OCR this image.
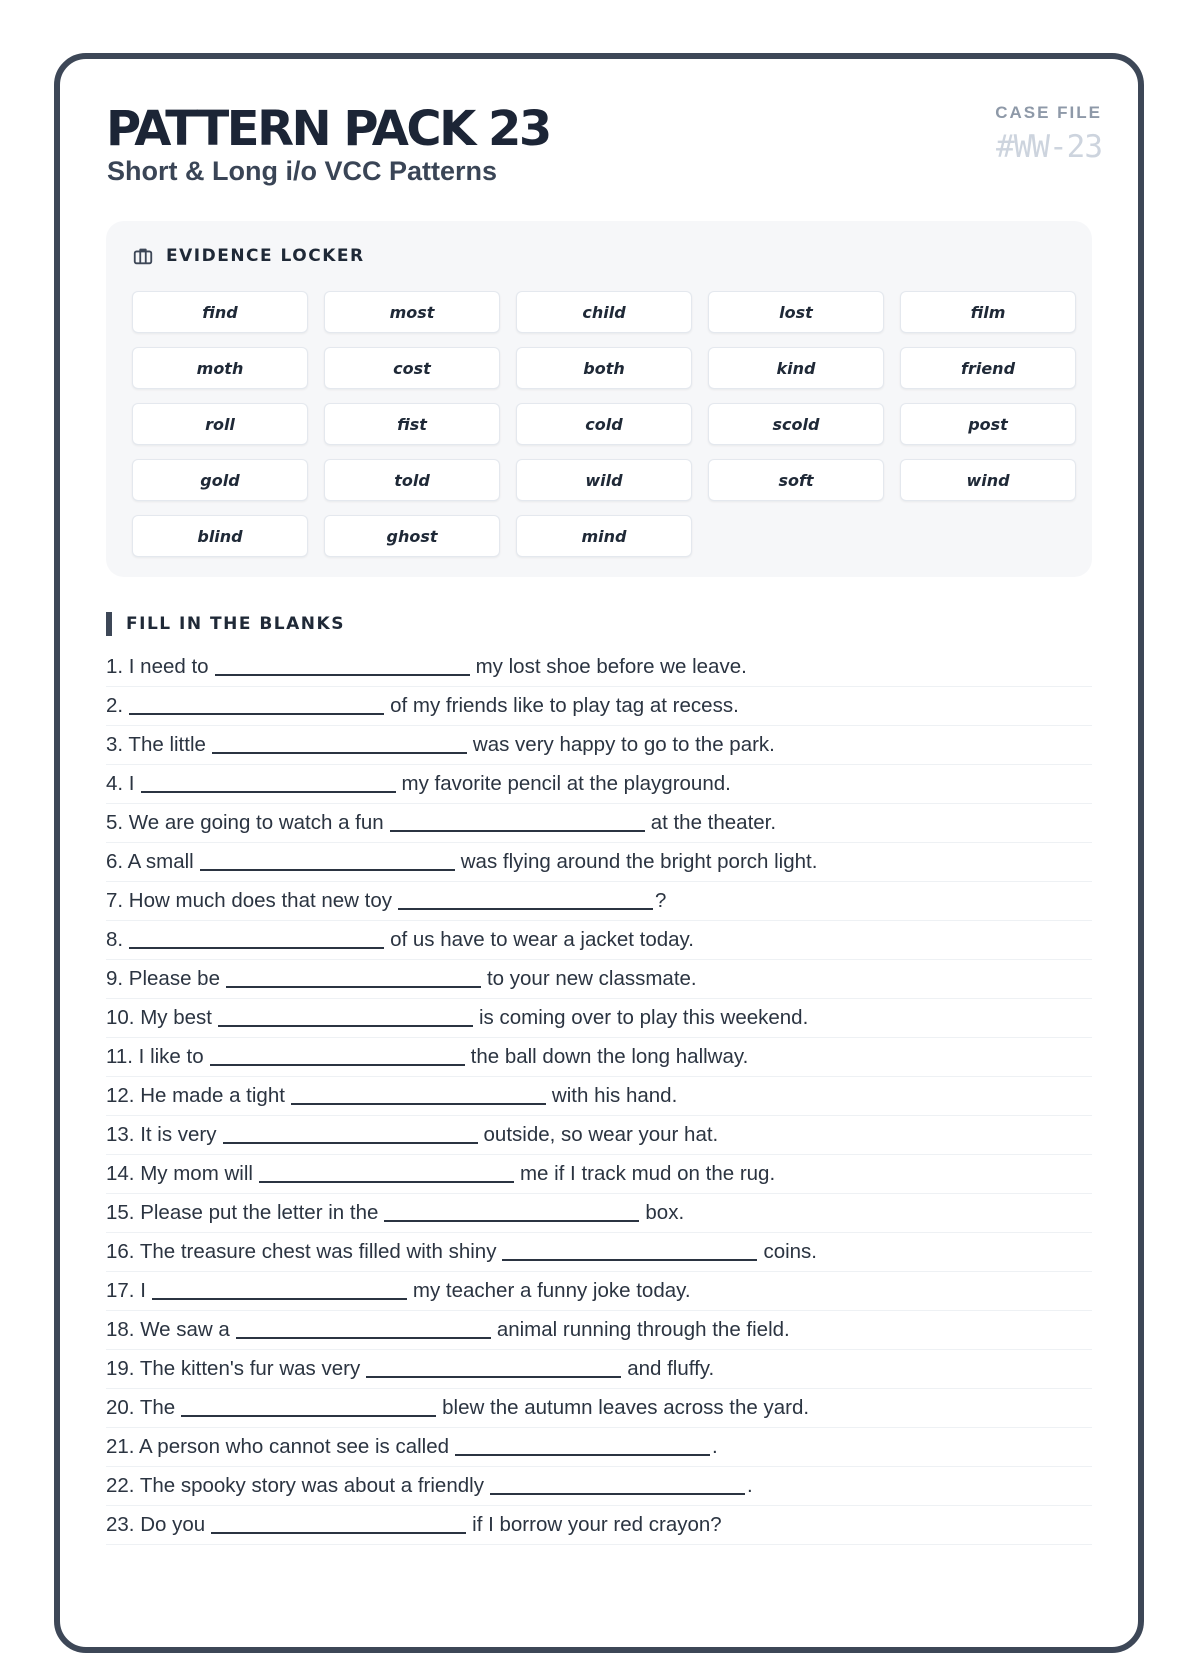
PATTERN PACK 23
Short & Long i/o VCC Patterns
CASE FILE
#WW-23
EVIDENCE LOCKER
find	most	child	lost	film
moth	cost	both	kind	friend
roll	fist	cold	scold	post
gold	told	wild	soft	wind
blind	ghost	mind
FILL IN THE BLANKS
1. I need to	my lost shoe before we leave.
2.	of my friends like to play tag at recess.
3. The little	was very happy to go to the park.
4. I	my favorite pencil at the playground.
5. We are going to watch a fun	at the theater.
6. A small	was flying around the bright porch light.
7. How much does that new toy	?
8.	of us have to wear a jacket today.
9. Please be	to your new classmate.
10. My best	is coming over to play this weekend.
11. I like to	the ball down the long hallway.
12. He made a tight	with his hand.
13. It is very	outside, so wear your hat.
14. My mom will	me if I track mud on the rug.
15. Please put the letter in the	box.
16. The treasure chest was filled with shiny	coins.
17. I	my teacher a funny joke today.
18. We saw a	animal running through the field.
19. The kitten's fur was very	and fluffy.
20. The	blew the autumn leaves across the yard.
21. A person who cannot see is called	.
22. The spooky story was about a friendly	.
23. Do you	if I borrow your red crayon?
